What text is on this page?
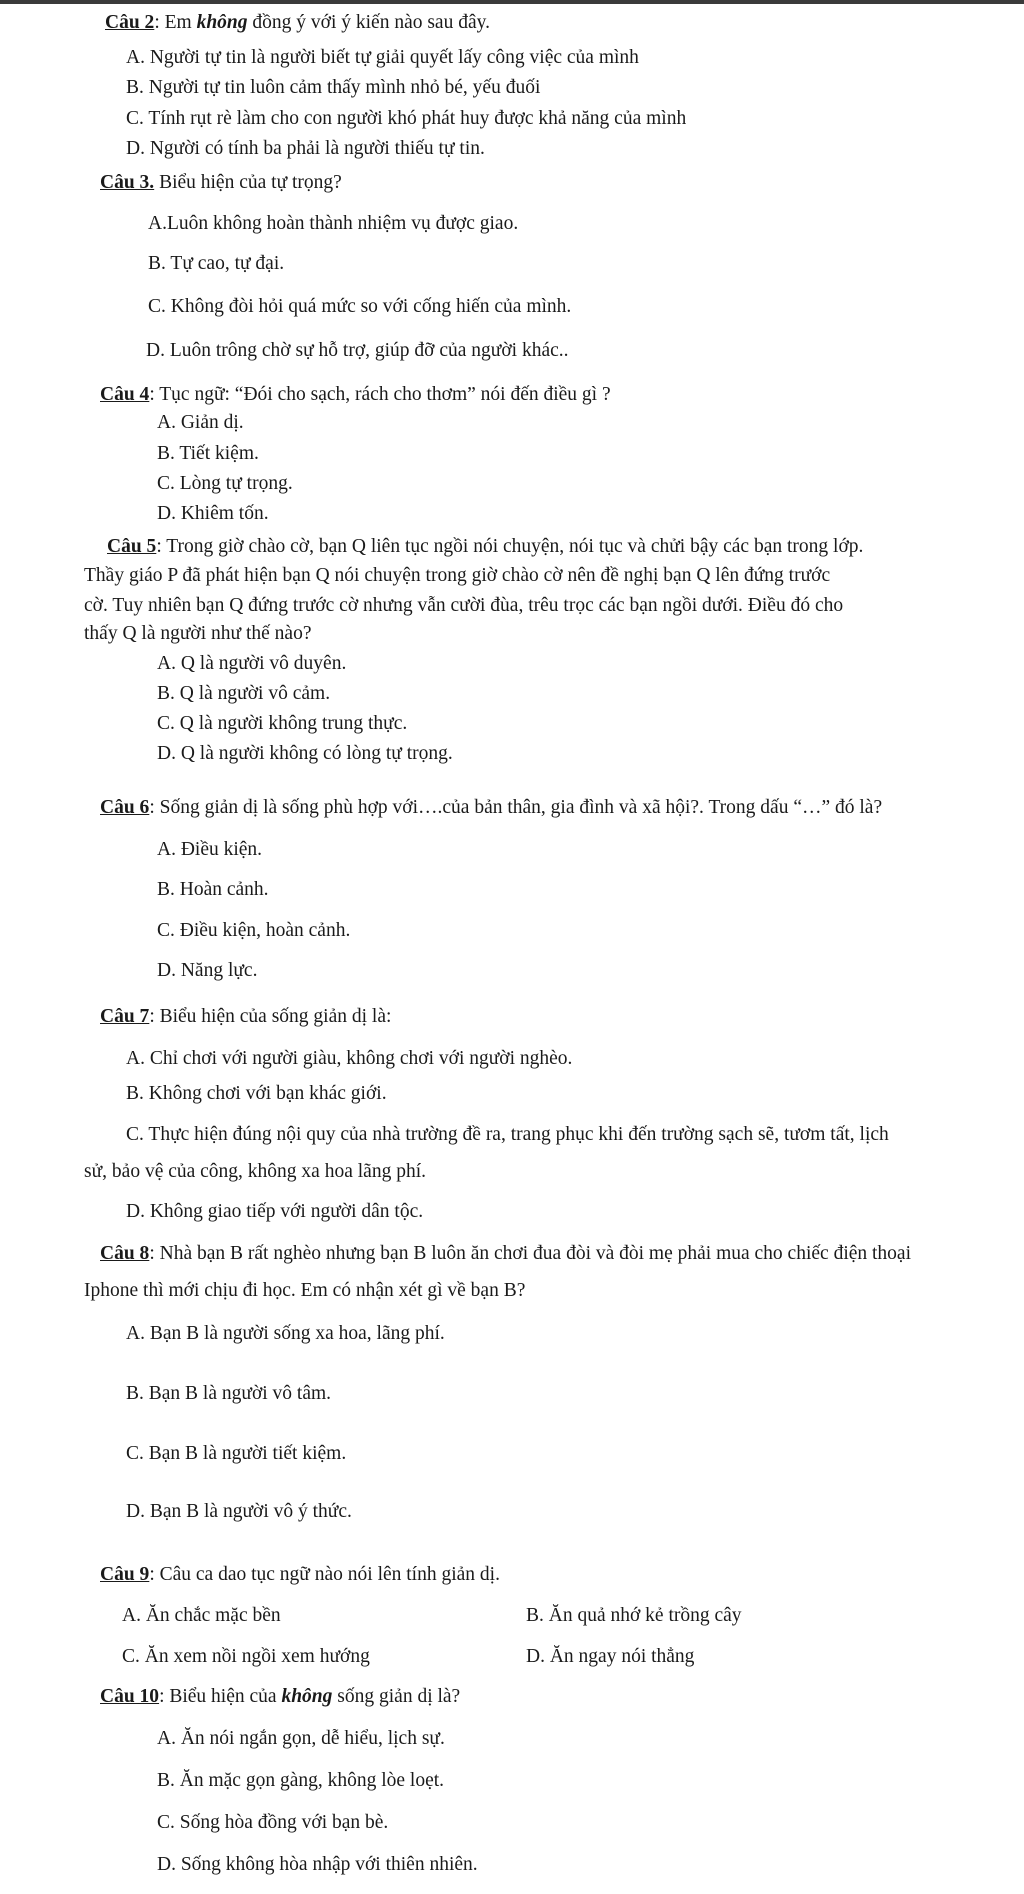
Câu 2: Em không đồng ý với ý kiến nào sau đây.
A. Người tự tin là người biết tự giải quyết lấy công việc của mình
B. Người tự tin luôn cảm thấy mình nhỏ bé, yếu đuối
C. Tính rụt rè làm cho con người khó phát huy được khả năng của mình
D. Người có tính ba phải là người thiếu tự tin.
Câu 3. Biểu hiện của tự trọng?
A.Luôn không hoàn thành nhiệm vụ được giao.
B. Tự cao, tự đại.
C. Không đòi hỏi quá mức so với cống hiến của mình.
D. Luôn trông chờ sự hỗ trợ, giúp đỡ của người khác..
Câu 4: Tục ngữ: “Đói cho sạch, rách cho thơm” nói đến điều gì ?
A. Giản dị.
B. Tiết kiệm.
C. Lòng tự trọng.
D. Khiêm tốn.
Câu 5: Trong giờ chào cờ, bạn Q liên tục ngồi nói chuyện, nói tục và chửi bậy các bạn trong lớp.
Thầy giáo P đã phát hiện bạn Q nói chuyện trong giờ chào cờ nên đề nghị bạn Q lên đứng trước
cờ. Tuy nhiên bạn Q đứng trước cờ nhưng vẫn cười đùa, trêu trọc các bạn ngồi dưới. Điều đó cho
thấy Q là người như thế nào?
A. Q là người vô duyên.
B. Q là người vô cảm.
C. Q là người không trung thực.
D. Q là người không có lòng tự trọng.
Câu 6: Sống giản dị là sống phù hợp với….của bản thân, gia đình và xã hội?. Trong dấu “…” đó là?
A. Điều kiện.
B. Hoàn cảnh.
C. Điều kiện, hoàn cảnh.
D. Năng lực.
Câu 7: Biểu hiện của sống giản dị là:
A. Chỉ chơi với người giàu, không chơi với người nghèo.
B. Không chơi với bạn khác giới.
C. Thực hiện đúng nội quy của nhà trường đề ra, trang phục khi đến trường sạch sẽ, tươm tất, lịch
sử, bảo vệ của công, không xa hoa lãng phí.
D. Không giao tiếp với người dân tộc.
Câu 8: Nhà bạn B rất nghèo nhưng bạn B luôn ăn chơi đua đòi và đòi mẹ phải mua cho chiếc điện thoại
Iphone thì mới chịu đi học. Em có nhận xét gì về bạn B?
A. Bạn B là người sống xa hoa, lãng phí.
B. Bạn B là người vô tâm.
C. Bạn B là người tiết kiệm.
D. Bạn B là người vô ý thức.
Câu 9: Câu ca dao tục ngữ nào nói lên tính giản dị.
A. Ăn chắc mặc bền	B. Ăn quả nhớ kẻ trồng cây
C. Ăn xem nồi ngồi xem hướng	D. Ăn ngay nói thẳng
Câu 10: Biểu hiện của không sống giản dị là?
A. Ăn nói ngắn gọn, dễ hiểu, lịch sự.
B. Ăn mặc gọn gàng, không lòe loẹt.
C. Sống hòa đồng với bạn bè.
D. Sống không hòa nhập với thiên nhiên.
